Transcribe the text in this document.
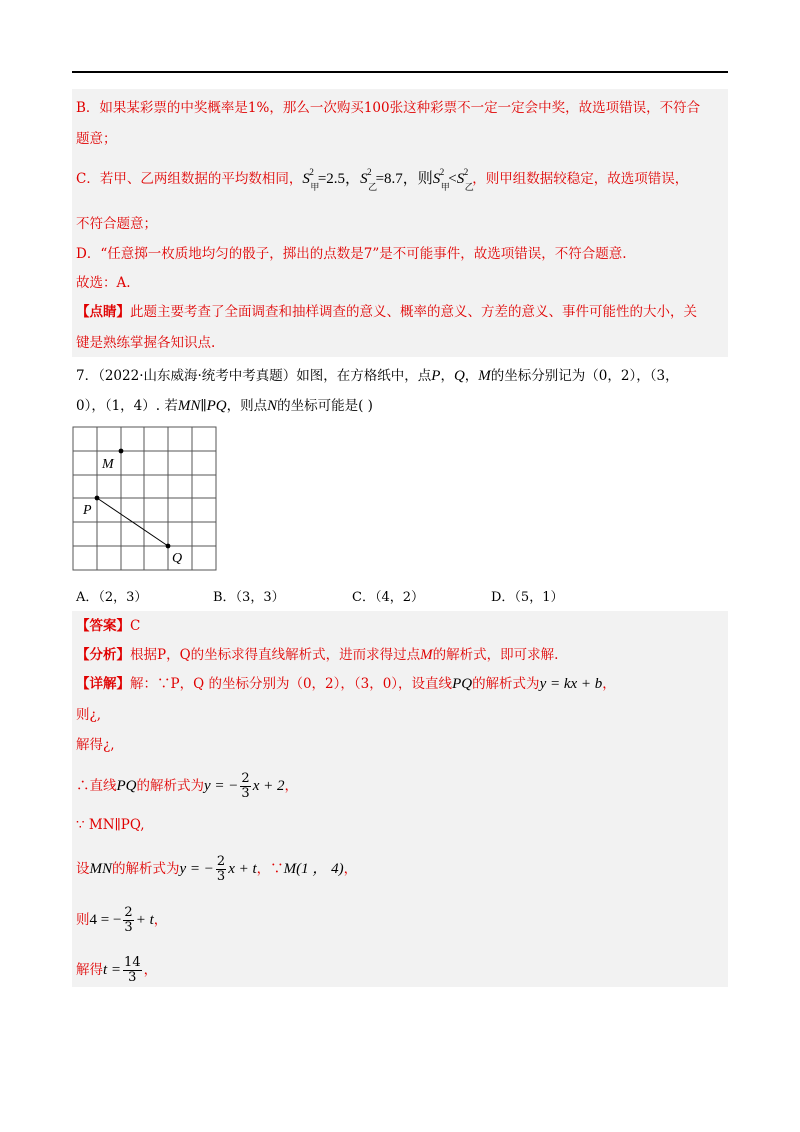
B．如果某彩票的中奖概率是1%，那么一次购买100张这种彩票不一定一定会中奖，故选项错误，不符合
题意；
C．若甲、乙两组数据的平均数相同，S 2
甲
=2.5，S 2
乙
=8.7，则S 2
甲
<S 2
乙
，则甲组数据较稳定，故选项错误，
不符合题意；
D．“任意掷一枚质地均匀的骰子，掷出的点数是7”是不可能事件，故选项错误，不符合题意.
故选：A.
【点睛】此题主要考查了全面调查和抽样调查的意义、概率的意义、方差的意义、事件可能性的大小，关
键是熟练掌握各知识点.
7．（2022·山东威海·统考中考真题）如图，在方格纸中，点P，Q，M的坐标分别记为（0，2），（3，
0），（1，4）. 若MN∥PQ，则点N的坐标可能是( )
M
P
Q
A．（2，3）	B．（3，3）	C．（4，2）	D．（5，1）
【答案】C
【分析】根据P，Q的坐标求得直线解析式，进而求得过点M的解析式，即可求解.
【详解】解：∵P，Q 的坐标分别为（0，2），（3，0），设直线PQ的解析式为y = kx + b，
则¿,
解得¿,
∴直线PQ的解析式为y = − $\frac{2}{3}$ x + 2，
∵ MN∥PQ,
设MN的解析式为y = − $\frac{2}{3}$ x + t，∵M(1 ， 4)，
则4 = − $\frac{2}{3} + t$，
解得$t = \frac{14}{3}$ ，
